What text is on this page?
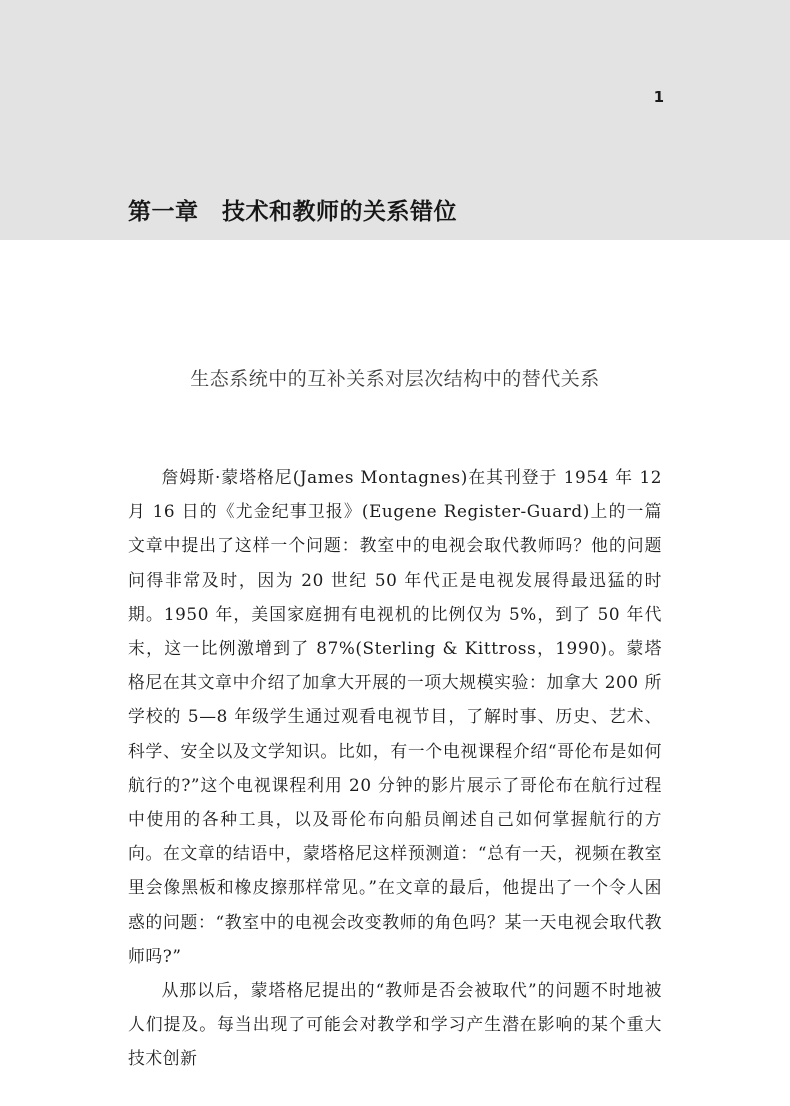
1
第一章　技术和教师的关系错位
生态系统中的互补关系对层次结构中的替代关系

詹姆斯·蒙塔格尼(James Montagnes)在其刊登于 1954 年 12 月 16 日的《尤金纪事卫报》(Eugene Register-Guard)上的一篇文章中提出了这样一个问题：教室中的电视会取代教师吗？他的问题问得非常及时，因为 20 世纪 50 年代正是电视发展得最迅猛的时期。1950 年，美国家庭拥有电视机的比例仅为 5%，到了 50 年代末，这一比例激增到了 87%(Sterling & Kittross，1990)。蒙塔格尼在其文章中介绍了加拿大开展的一项大规模实验：加拿大 200 所学校的 5—8 年级学生通过观看电视节目，了解时事、历史、艺术、科学、安全以及文学知识。比如，有一个电视课程介绍“哥伦布是如何航行的?”这个电视课程利用 20 分钟的影片展示了哥伦布在航行过程中使用的各种工具，以及哥伦布向船员阐述自己如何掌握航行的方向。在文章的结语中，蒙塔格尼这样预测道：“总有一天，视频在教室里会像黑板和橡皮擦那样常见。”在文章的最后，他提出了一个令人困惑的问题：“教室中的电视会改变教师的角色吗？某一天电视会取代教师吗?”

从那以后，蒙塔格尼提出的“教师是否会被取代”的问题不时地被人们提及。每当出现了可能会对教学和学习产生潜在影响的某个重大技术创新
